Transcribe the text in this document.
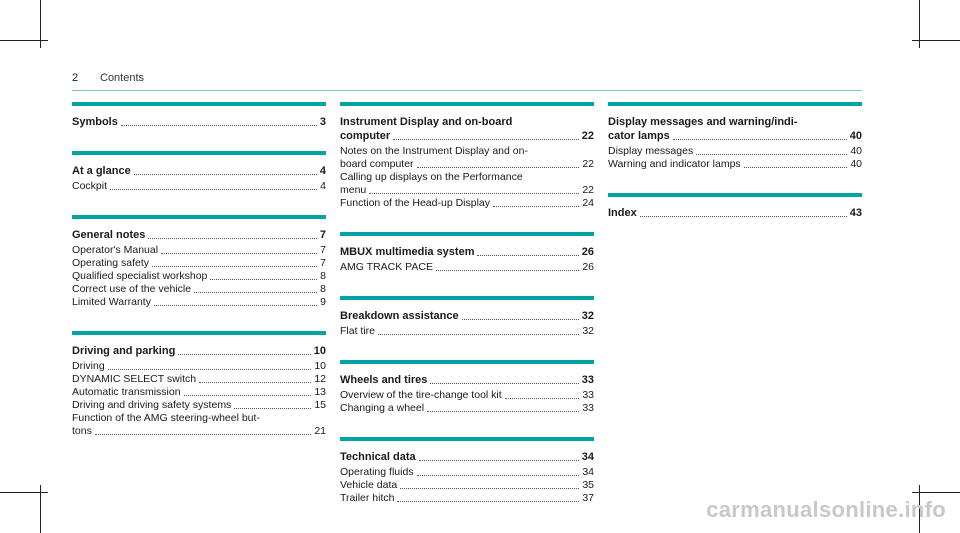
2 Contents
Symbols	3
At a glance	4
Cockpit	4
General notes	7
Operator's Manual	7
Operating safety	7
Qualified specialist workshop	8
Correct use of the vehicle	8
Limited Warranty	9
Driving and parking	10
Driving	10
DYNAMIC SELECT switch	12
Automatic transmission	13
Driving and driving safety systems	15
Function of the AMG steering-wheel but-
tons	21
Instrument Display and on-board
computer	22
Notes on the Instrument Display and on-
board computer	22
Calling up displays on the Performance
menu	22
Function of the Head-up Display	24
MBUX multimedia system	26
AMG TRACK PACE	26
Breakdown assistance	32
Flat tire	32
Wheels and tires	33
Overview of the tire-change tool kit	33
Changing a wheel	33
Technical data	34
Operating fluids	34
Vehicle data	35
Trailer hitch	37
Display messages and warning/indi-
cator lamps	40
Display messages	40
Warning and indicator lamps	40
Index	43
carmanualsonline.info
